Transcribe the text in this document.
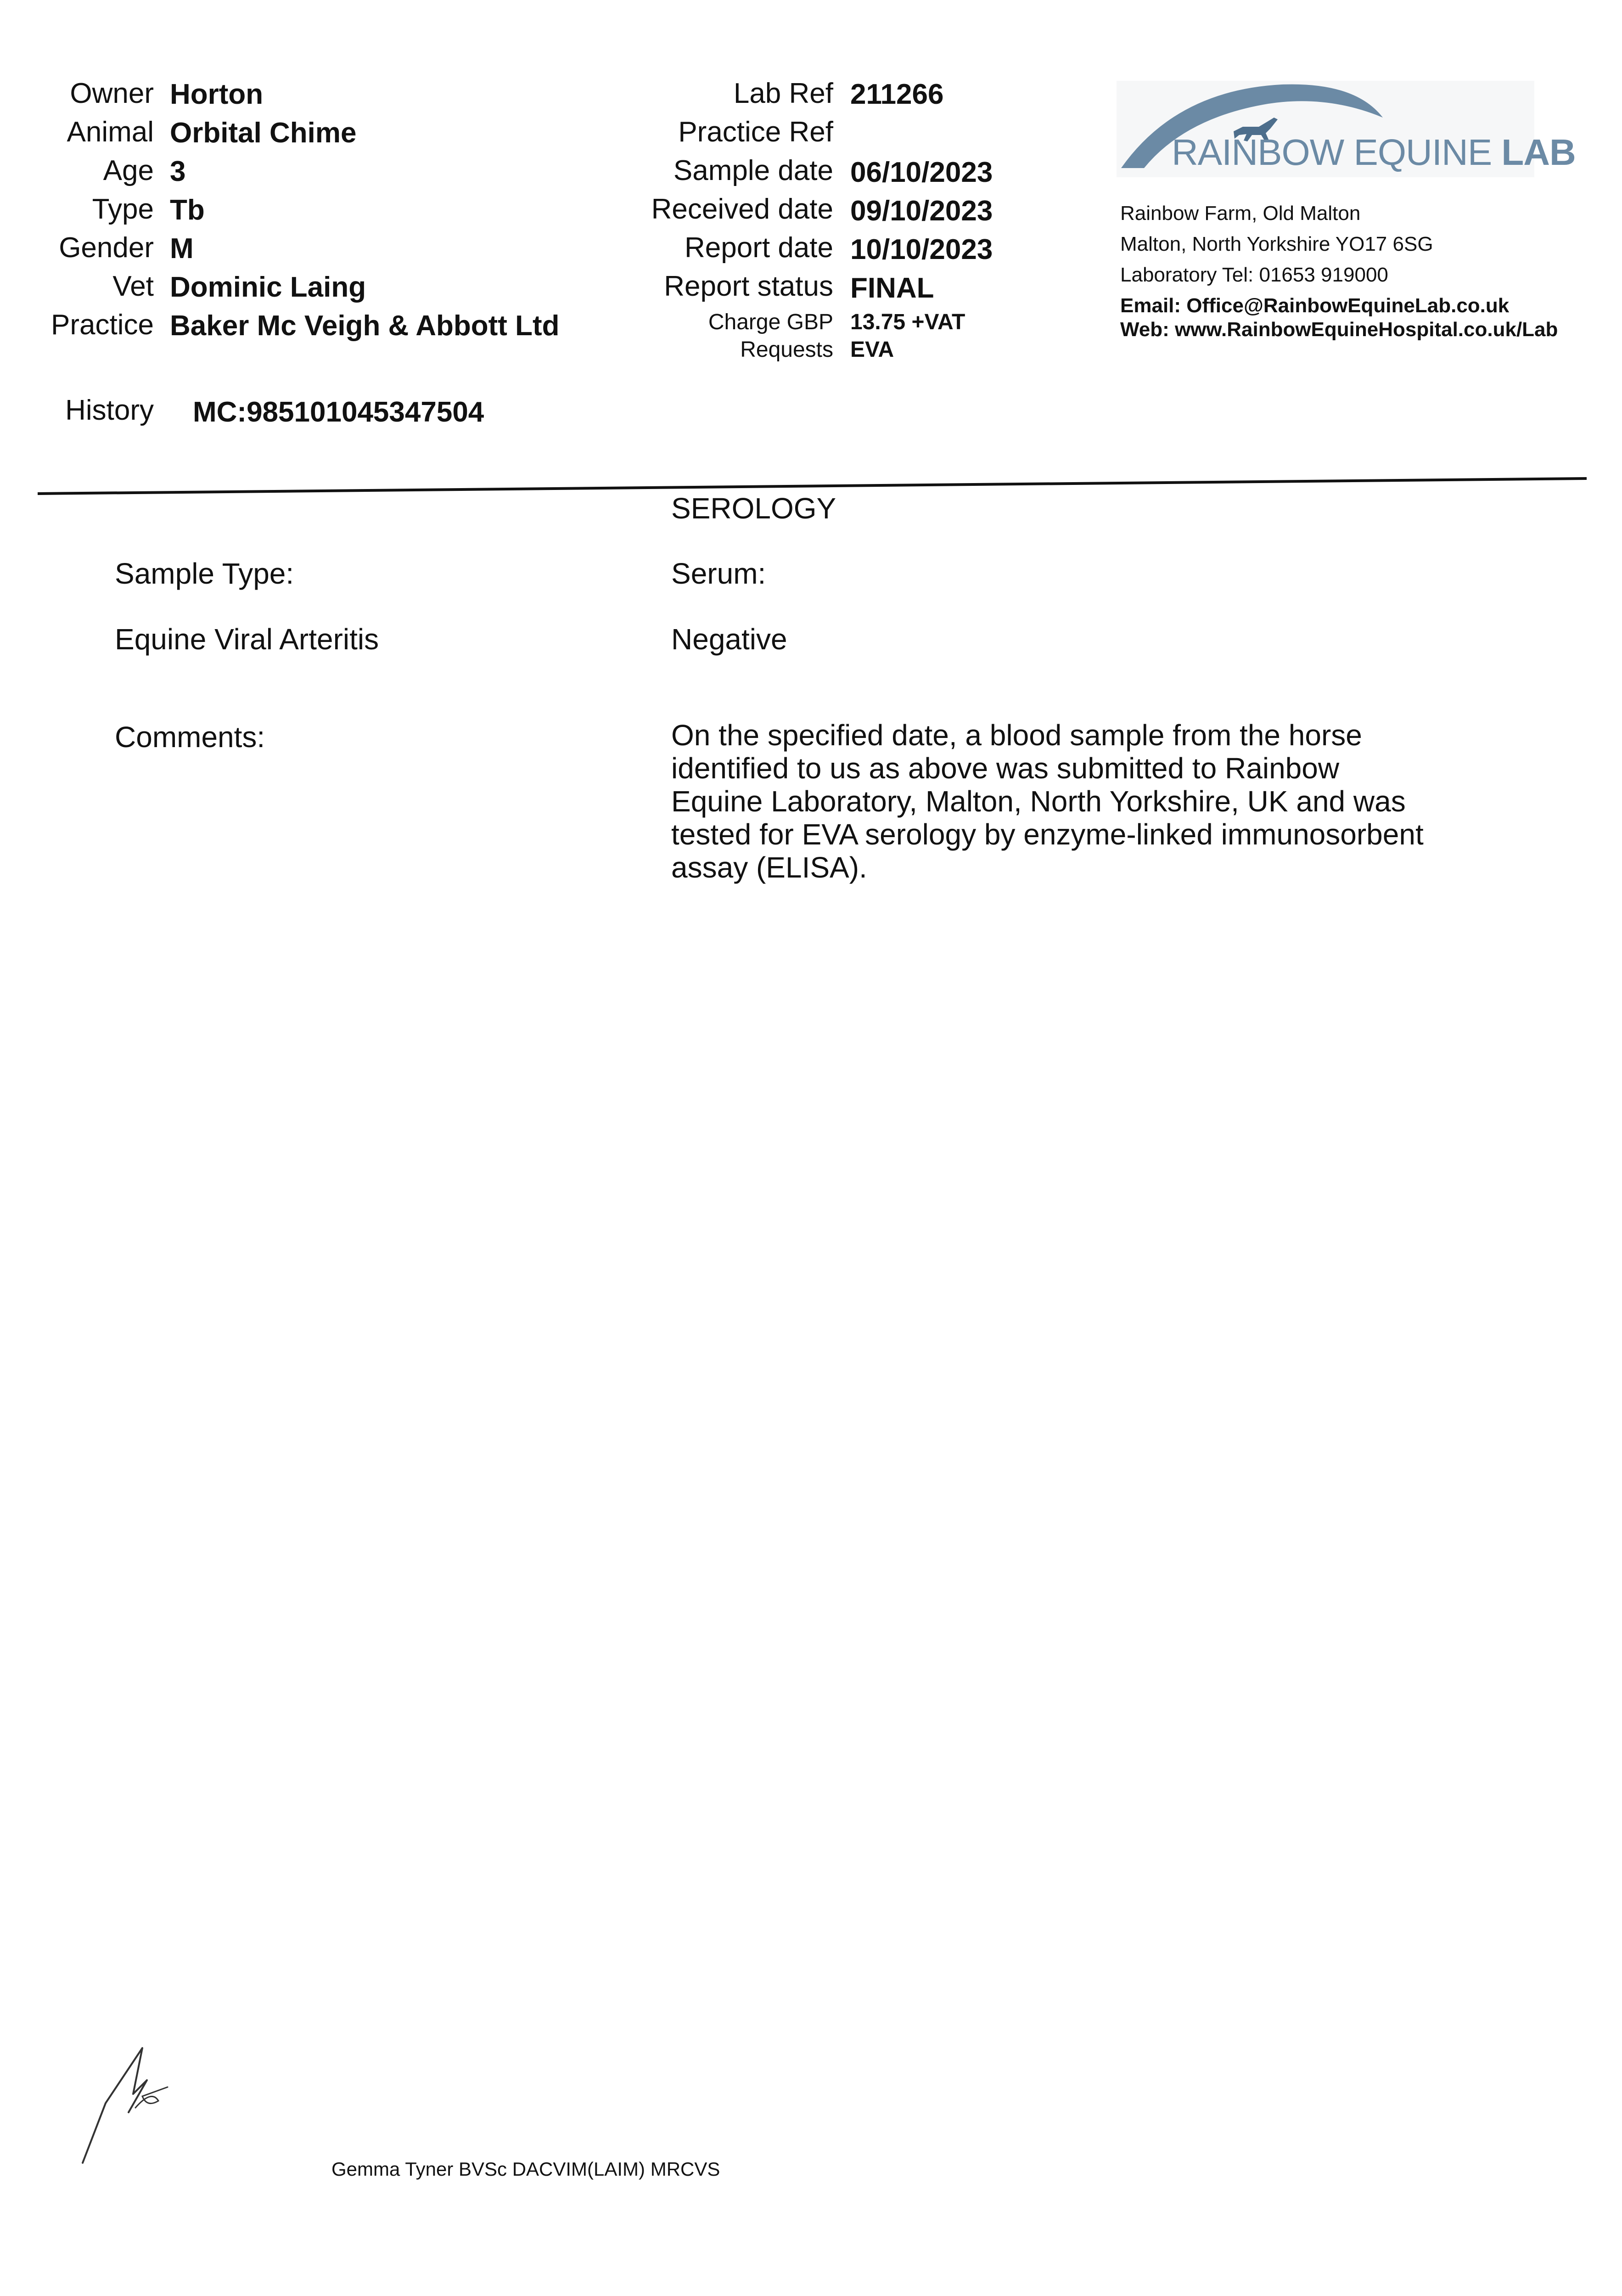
Owner Horton
Animal Orbital Chime
Age 3
Type Tb
Gender M
Vet Dominic Laing
Practice Baker Mc Veigh & Abbott Ltd
History MC:985101045347504
Lab Ref 211266
Practice Ref
Sample date 06/10/2023
Received date 09/10/2023
Report date 10/10/2023
Report status FINAL
Charge GBP 13.75 +VAT
Requests EVA
RAINBOW EQUINE LAB
Rainbow Farm, Old Malton
Malton, North Yorkshire YO17 6SG
Laboratory Tel: 01653 919000
Email: Office@RainbowEquineLab.co.uk
Web: www.RainbowEquineHospital.co.uk/Lab
SEROLOGY
Sample Type:	Serum:
Equine Viral Arteritis	Negative
Comments:	On the specified date, a blood sample from the horse identified to us as above was submitted to Rainbow Equine Laboratory, Malton, North Yorkshire, UK and was tested for EVA serology by enzyme-linked immunosorbent assay (ELISA).
Gemma Tyner BVSc DACVIM(LAIM) MRCVS
